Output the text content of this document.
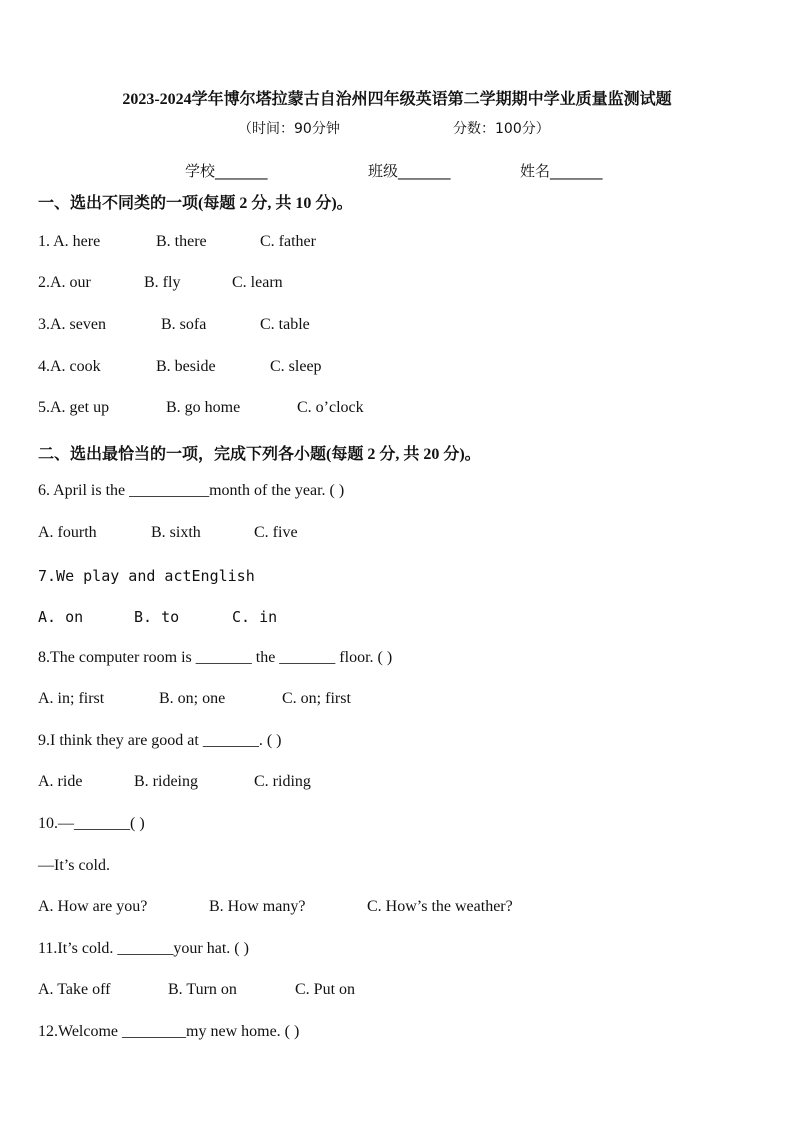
2023-2024学年博尔塔拉蒙古自治州四年级英语第二学期期中学业质量监测试题
（时间：90分钟	分数：100分）
学校_______	班级_______	姓名_______
一、选出不同类的一项(每题 2 分, 共 10 分)。
1. A. here	B. there	C. father
2.A. our	B. fly	C. learn
3.A. seven	B. sofa	C. table
4.A. cook	B. beside	C. sleep
5.A. get up	B. go home	C. o’clock
二、选出最恰当的一项，完成下列各小题(每题 2 分, 共 20 分)。
6. April is the __________month of the year. ( )
A. fourth	B. sixth	C. five
7.We play and actEnglish
A. on	B. to	C. in
8.The computer room is _______ the _______ floor. ( )
A. in; first	B. on; one	C. on; first
9.I think they are good at _______. ( )
A. ride	B. rideing	C. riding
10.—_______( )
—It’s cold.
A. How are you?	B. How many?	C. How’s the weather?
11.It’s cold. _______your hat. ( )
A. Take off	B. Turn on	C. Put on
12.Welcome ________my new home. ( )
